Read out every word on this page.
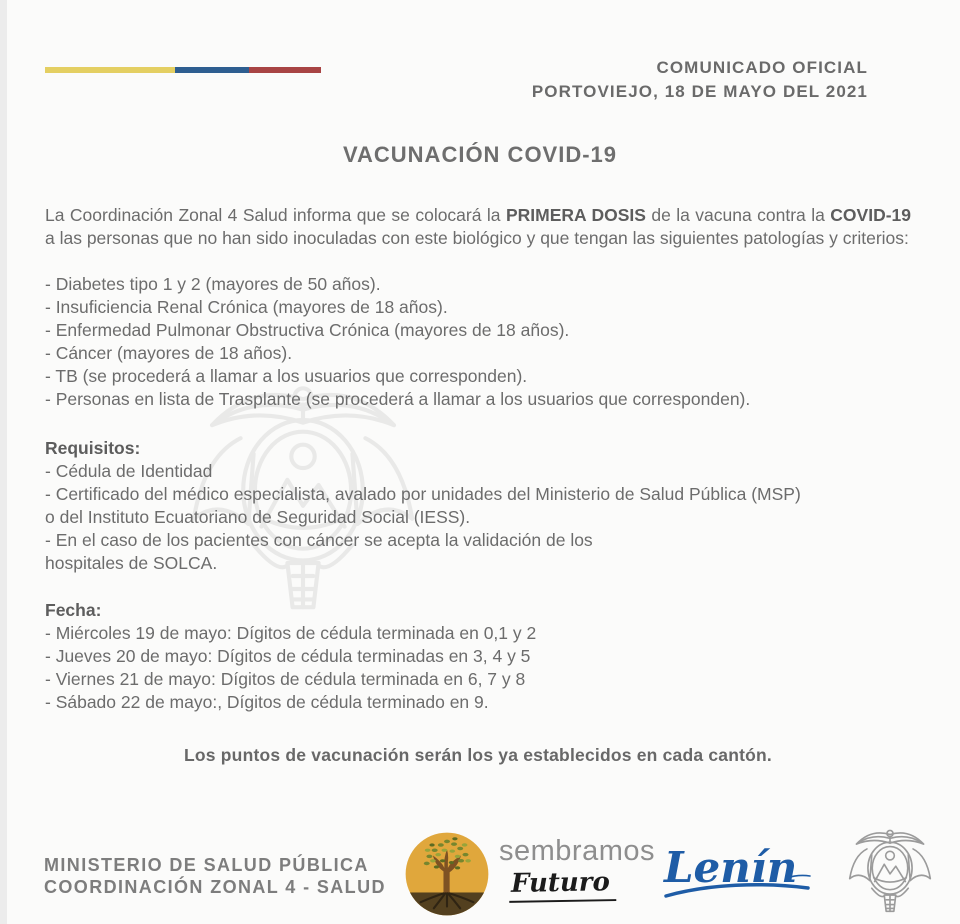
COMUNICADO OFICIAL
PORTOVIEJO, 18 DE MAYO DEL 2021
VACUNACIÓN COVID-19

La Coordinación Zonal 4 Salud informa que se colocará la PRIMERA DOSIS de la vacuna contra la COVID-19 a las personas que no han sido inoculadas con este biológico y que tengan las siguientes patologías y criterios:

- Diabetes tipo 1 y 2 (mayores de 50 años).
- Insuficiencia Renal Crónica (mayores de 18 años).
- Enfermedad Pulmonar Obstructiva Crónica (mayores de 18 años).
- Cáncer (mayores de 18 años).
- TB (se procederá a llamar a los usuarios que corresponden).
- Personas en lista de Trasplante (se procederá a llamar a los usuarios que corresponden).
Requisitos:
- Cédula de Identidad
- Certificado del médico especialista, avalado por unidades del Ministerio de Salud Pública (MSP)
o del Instituto Ecuatoriano de Seguridad Social (IESS).
- En el caso de los pacientes con cáncer se acepta la validación de los
hospitales de SOLCA.
Fecha:
- Miércoles 19 de mayo: Dígitos de cédula terminada en 0,1 y 2
- Jueves 20 de mayo: Dígitos de cédula terminadas en 3, 4 y 5
- Viernes 21 de mayo: Dígitos de cédula terminada en 6, 7 y 8
- Sábado 22 de mayo:, Dígitos de cédula terminado en 9.
Los puntos de vacunación serán los ya establecidos en cada cantón.
MINISTERIO DE SALUD PÚBLICA
COORDINACIÓN ZONAL 4 - SALUD
sembramos
Futuro	Lenín
